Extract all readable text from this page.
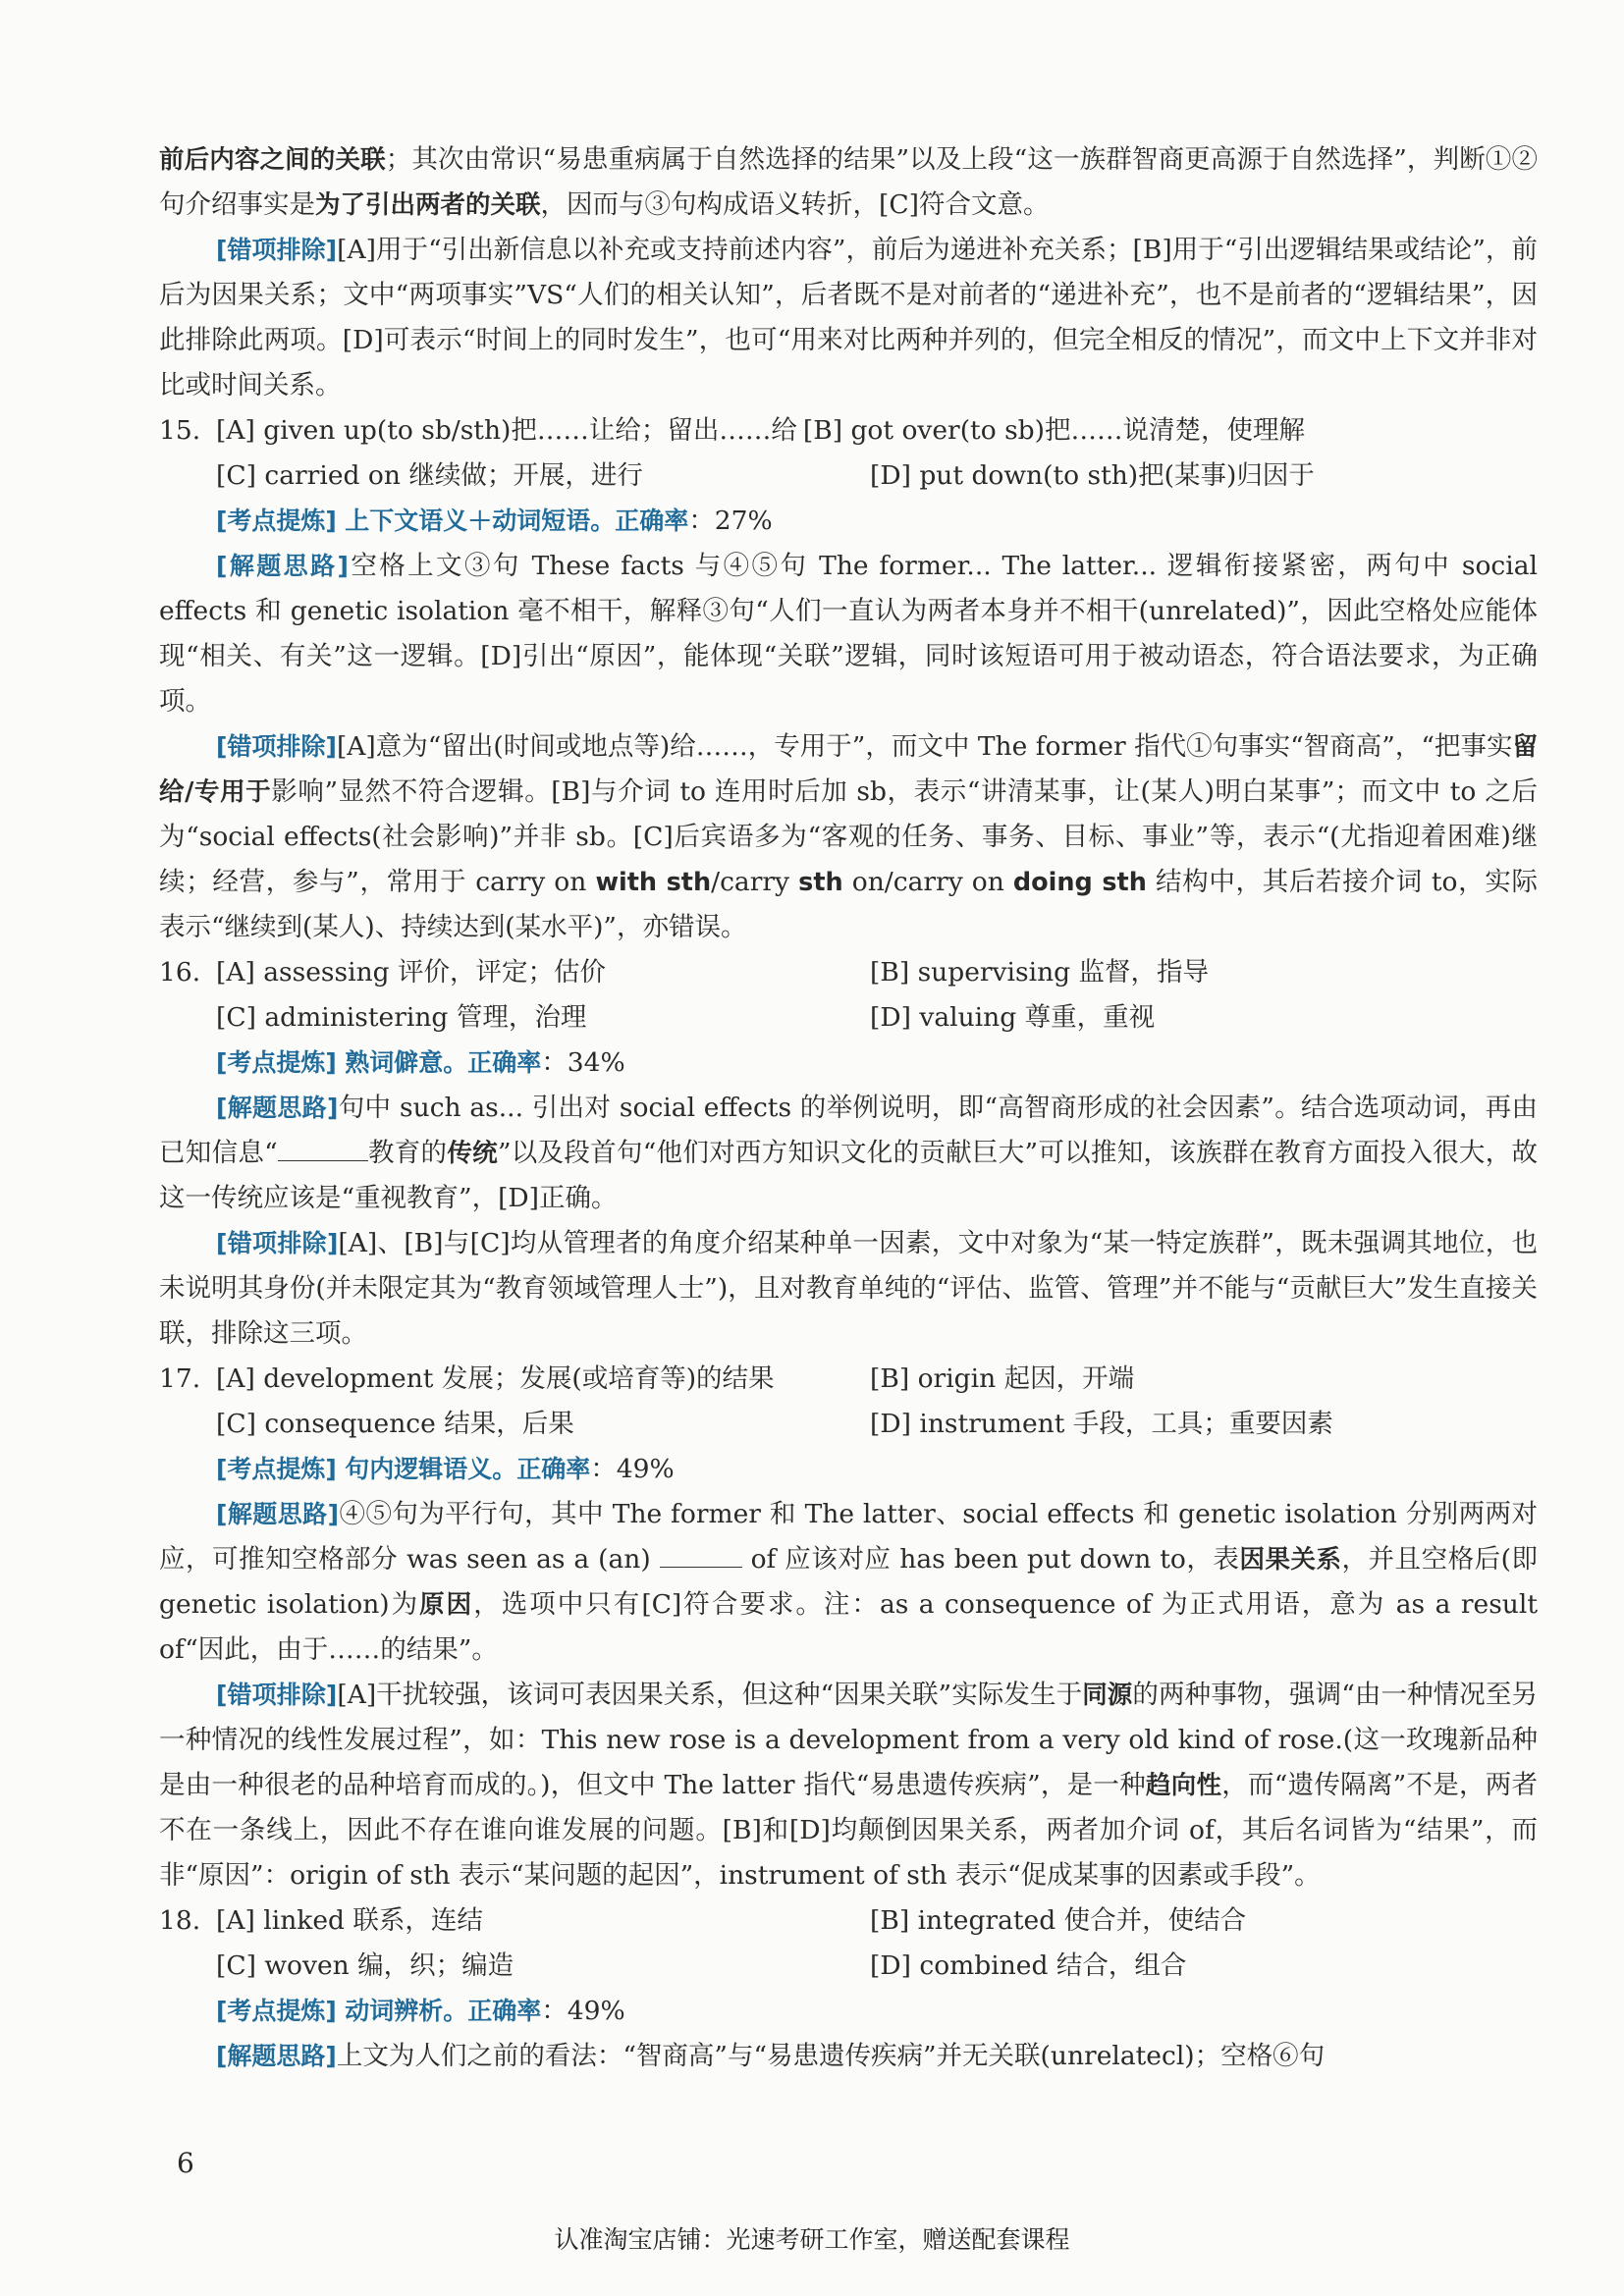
前后内容之间的关联；其次由常识“易患重病属于自然选择的结果”以及上段“这一族群智商更高源于自然选择”，判断①②句介绍事实是为了引出两者的关联，因而与③句构成语义转折，[C]符合文意。

[错项排除][A]用于“引出新信息以补充或支持前述内容”，前后为递进补充关系；[B]用于“引出逻辑结果或结论”，前后为因果关系；文中“两项事实”VS“人们的相关认知”，后者既不是对前者的“递进补充”，也不是前者的“逻辑结果”，因此排除此两项。[D]可表示“时间上的同时发生”，也可“用来对比两种并列的，但完全相反的情况”，而文中上下文并非对比或时间关系。

15. [A] given up(to sb/sth)把……让给；留出……给 [B] got over(to sb)把……说清楚，使理解
[C] carried on 继续做；开展，进行	[D] put down(to sth)把(某事)归因于

[考点提炼] 上下文语义＋动词短语。正确率：27%

[解题思路]空格上文③句 These facts 与④⑤句 The former... The latter... 逻辑衔接紧密，两句中 social effects 和 genetic isolation 毫不相干，解释③句“人们一直认为两者本身并不相干(unrelated)”，因此空格处应能体现“相关、有关”这一逻辑。[D]引出“原因”，能体现“关联”逻辑，同时该短语可用于被动语态，符合语法要求，为正确项。

[错项排除][A]意为“留出(时间或地点等)给……，专用于”，而文中 The former 指代①句事实“智商高”，“把事实留给/专用于影响”显然不符合逻辑。[B]与介词 to 连用时后加 sb，表示“讲清某事，让(某人)明白某事”；而文中 to 之后为“social effects(社会影响)”并非 sb。[C]后宾语多为“客观的任务、事务、目标、事业”等，表示“(尤指迎着困难)继续；经营，参与”，常用于 carry on with sth/carry sth on/carry on doing sth 结构中，其后若接介词 to，实际表示“继续到(某人)、持续达到(某水平)”，亦错误。

16. [A] assessing 评价，评定；估价	[B] supervising 监督，指导
[C] administering 管理，治理	[D] valuing 尊重，重视

[考点提炼] 熟词僻意。正确率：34%

[解题思路]句中 such as... 引出对 social effects 的举例说明，即“高智商形成的社会因素”。结合选项动词，再由已知信息“	教育的传统”以及段首句“他们对西方知识文化的贡献巨大”可以推知，该族群在教育方面投入很大，故这一传统应该是“重视教育”，[D]正确。

[错项排除][A]、[B]与[C]均从管理者的角度介绍某种单一因素，文中对象为“某一特定族群”，既未强调其地位，也未说明其身份(并未限定其为“教育领域管理人士”)，且对教育单纯的“评估、监管、管理”并不能与“贡献巨大”发生直接关联，排除这三项。

17. [A] development 发展；发展(或培育等)的结果	[B] origin 起因，开端
[C] consequence 结果，后果	[D] instrument 手段，工具；重要因素

[考点提炼] 句内逻辑语义。正确率：49%

[解题思路]④⑤句为平行句，其中 The former 和 The latter、social effects 和 genetic isolation 分别两两对应，可推知空格部分 was seen as a (an)	of 应该对应 has been put down to，表因果关系，并且空格后(即 genetic isolation)为原因，选项中只有[C]符合要求。注：as a consequence of 为正式用语，意为 as a result of“因此，由于……的结果”。

[错项排除][A]干扰较强，该词可表因果关系，但这种“因果关联”实际发生于同源的两种事物，强调“由一种情况至另一种情况的线性发展过程”，如：This new rose is a development from a very old kind of rose.(这一玫瑰新品种是由一种很老的品种培育而成的。)，但文中 The latter 指代“易患遗传疾病”，是一种趋向性，而“遗传隔离”不是，两者不在一条线上，因此不存在谁向谁发展的问题。[B]和[D]均颠倒因果关系，两者加介词 of，其后名词皆为“结果”，而非“原因”：origin of sth 表示“某问题的起因”，instrument of sth 表示“促成某事的因素或手段”。

18. [A] linked 联系，连结	[B] integrated 使合并，使结合
[C] woven 编，织；编造	[D] combined 结合，组合

[考点提炼] 动词辨析。正确率：49%

[解题思路]上文为人们之前的看法：“智商高”与“易患遗传疾病”并无关联(unrelatecl)；空格⑥句

6
认准淘宝店铺：光速考研工作室，赠送配套课程
